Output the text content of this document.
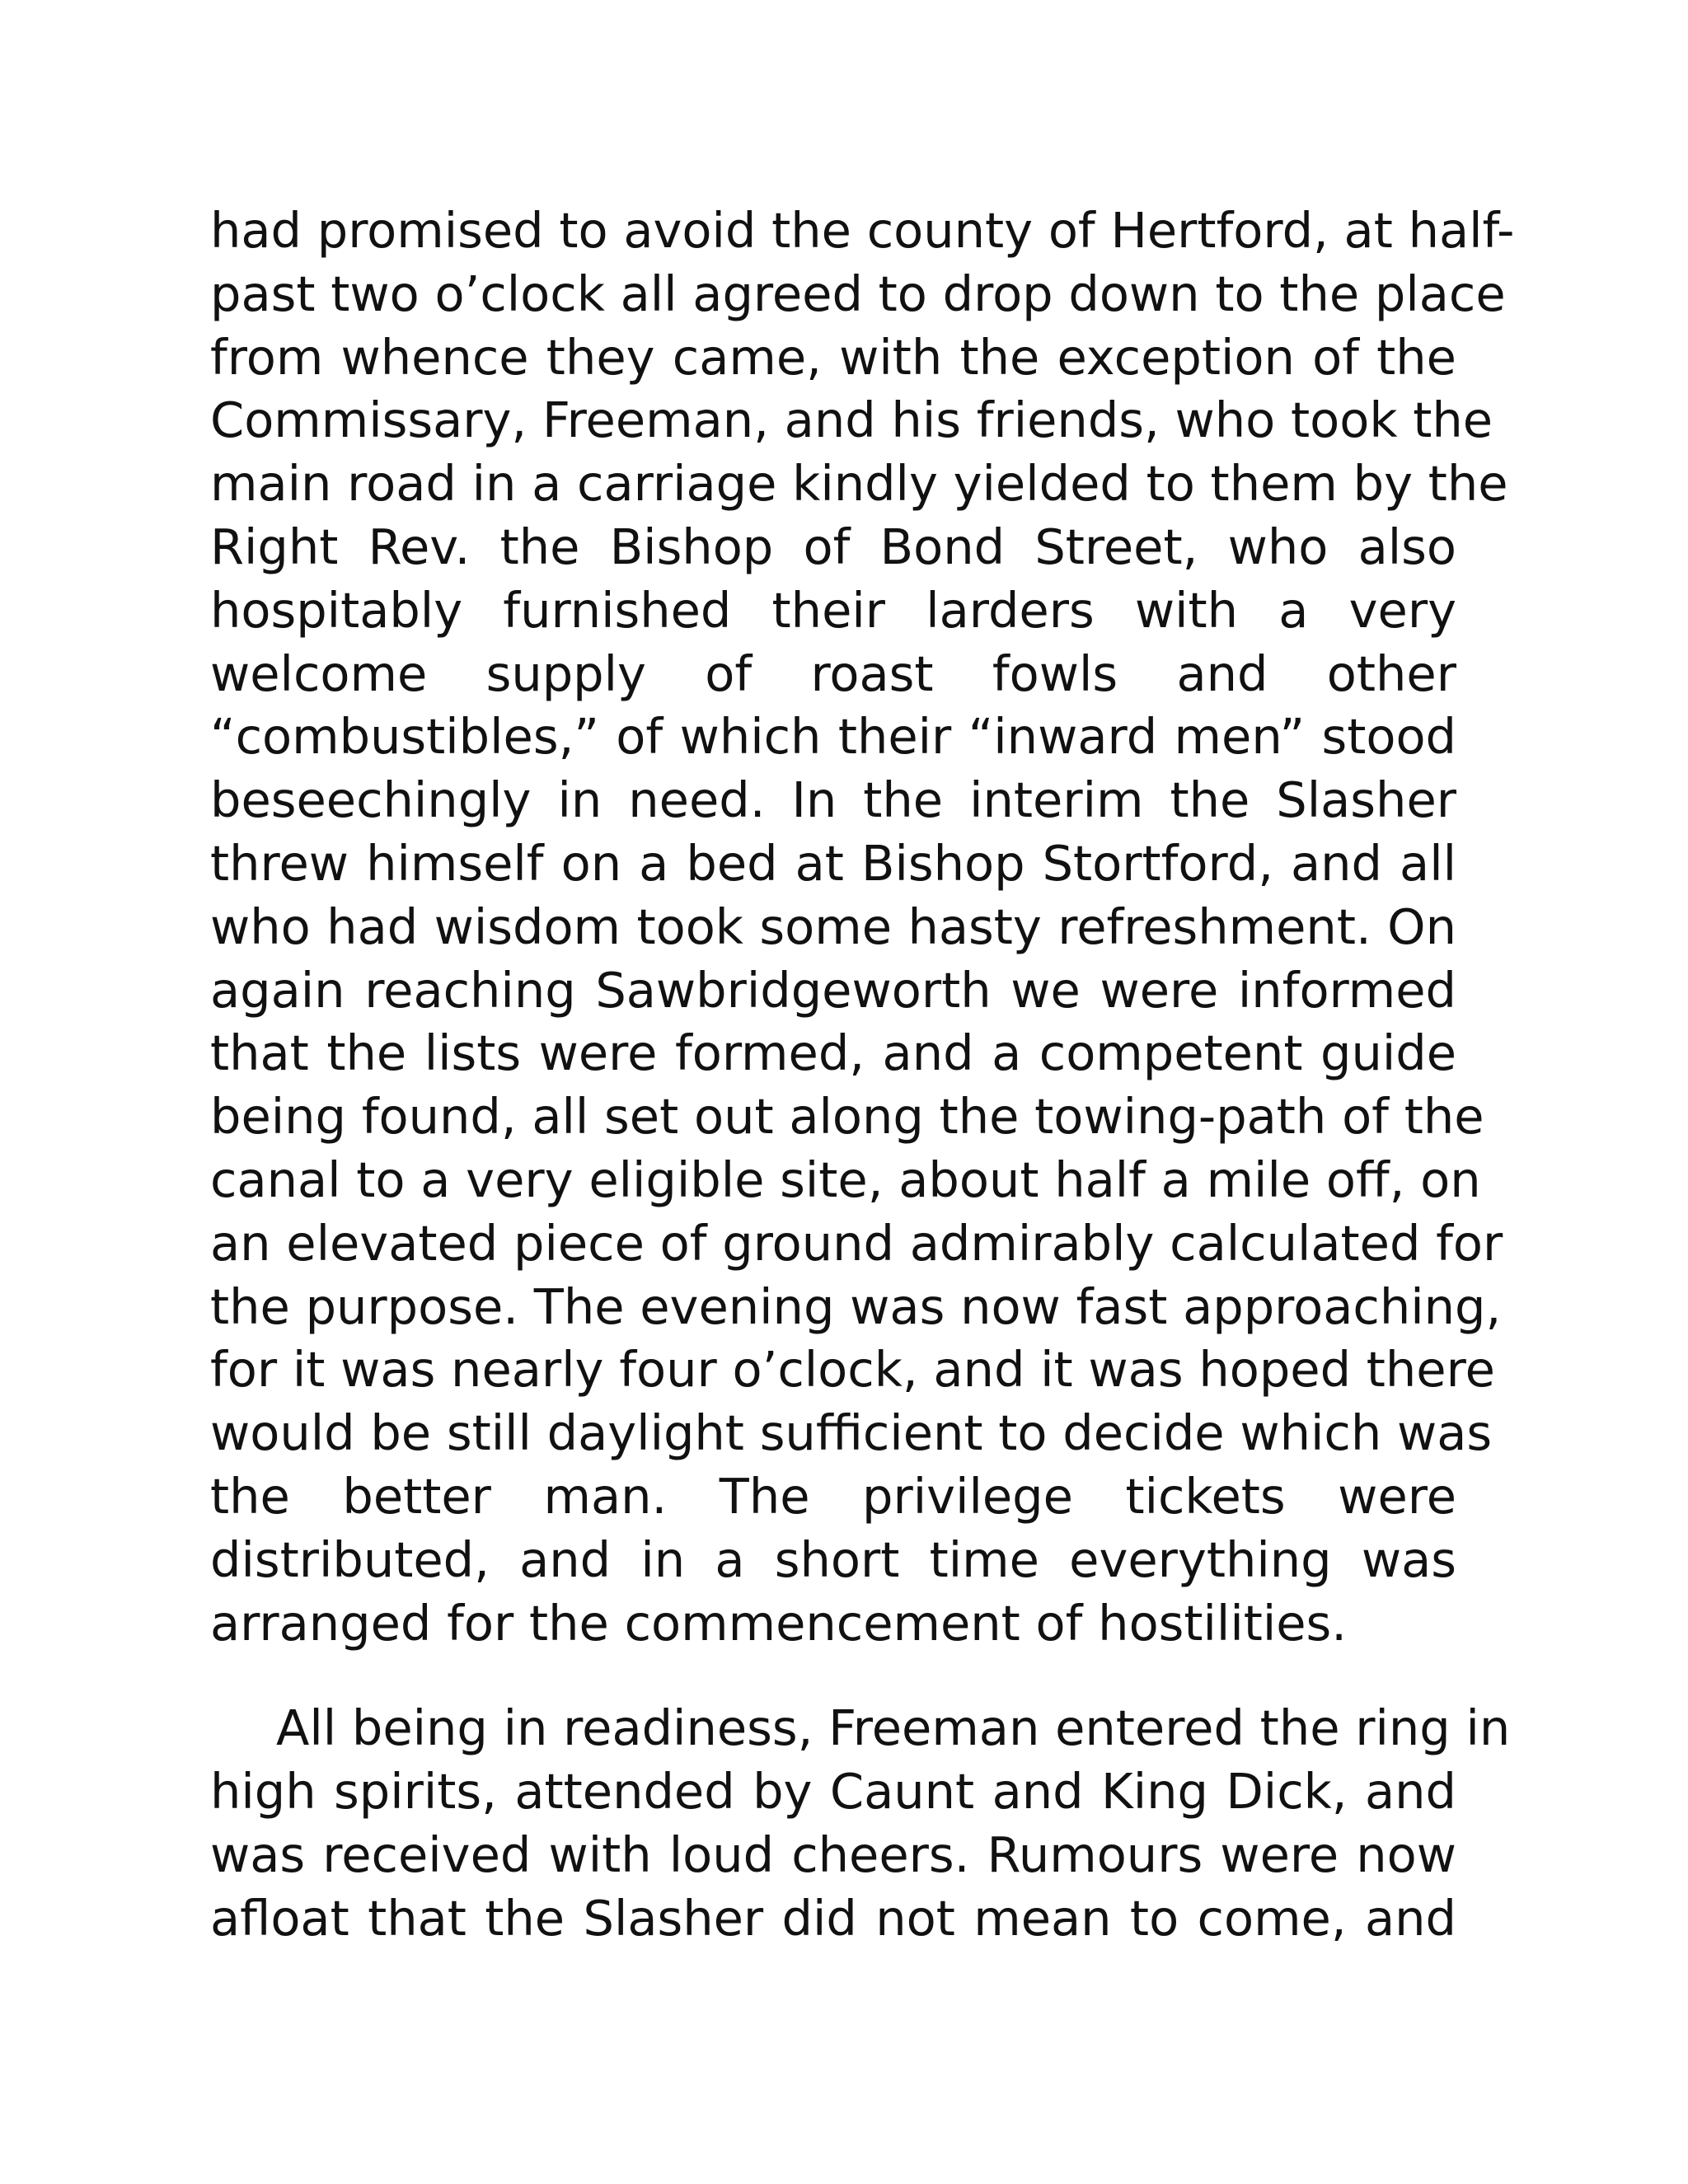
had promised to avoid the county of Hertford, at half-
past two o’clock all agreed to drop down to the place
from whence they came, with the exception of the
Commissary, Freeman, and his friends, who took the
main road in a carriage kindly yielded to them by the
Right Rev. the Bishop of Bond Street, who also
hospitably furnished their larders with a very
welcome supply of roast fowls and other
“combustibles,” of which their “inward men” stood
beseechingly in need. In the interim the Slasher
threw himself on a bed at Bishop Stortford, and all
who had wisdom took some hasty refreshment. On
again reaching Sawbridgeworth we were informed
that the lists were formed, and a competent guide
being found, all set out along the towing-path of the
canal to a very eligible site, about half a mile off, on
an elevated piece of ground admirably calculated for
the purpose. The evening was now fast approaching,
for it was nearly four o’clock, and it was hoped there
would be still daylight sufficient to decide which was
the better man. The privilege tickets were
distributed, and in a short time everything was
arranged for the commencement of hostilities.
All being in readiness, Freeman entered the ring in
high spirits, attended by Caunt and King Dick, and
was received with loud cheers. Rumours were now
afloat that the Slasher did not mean to come, and
